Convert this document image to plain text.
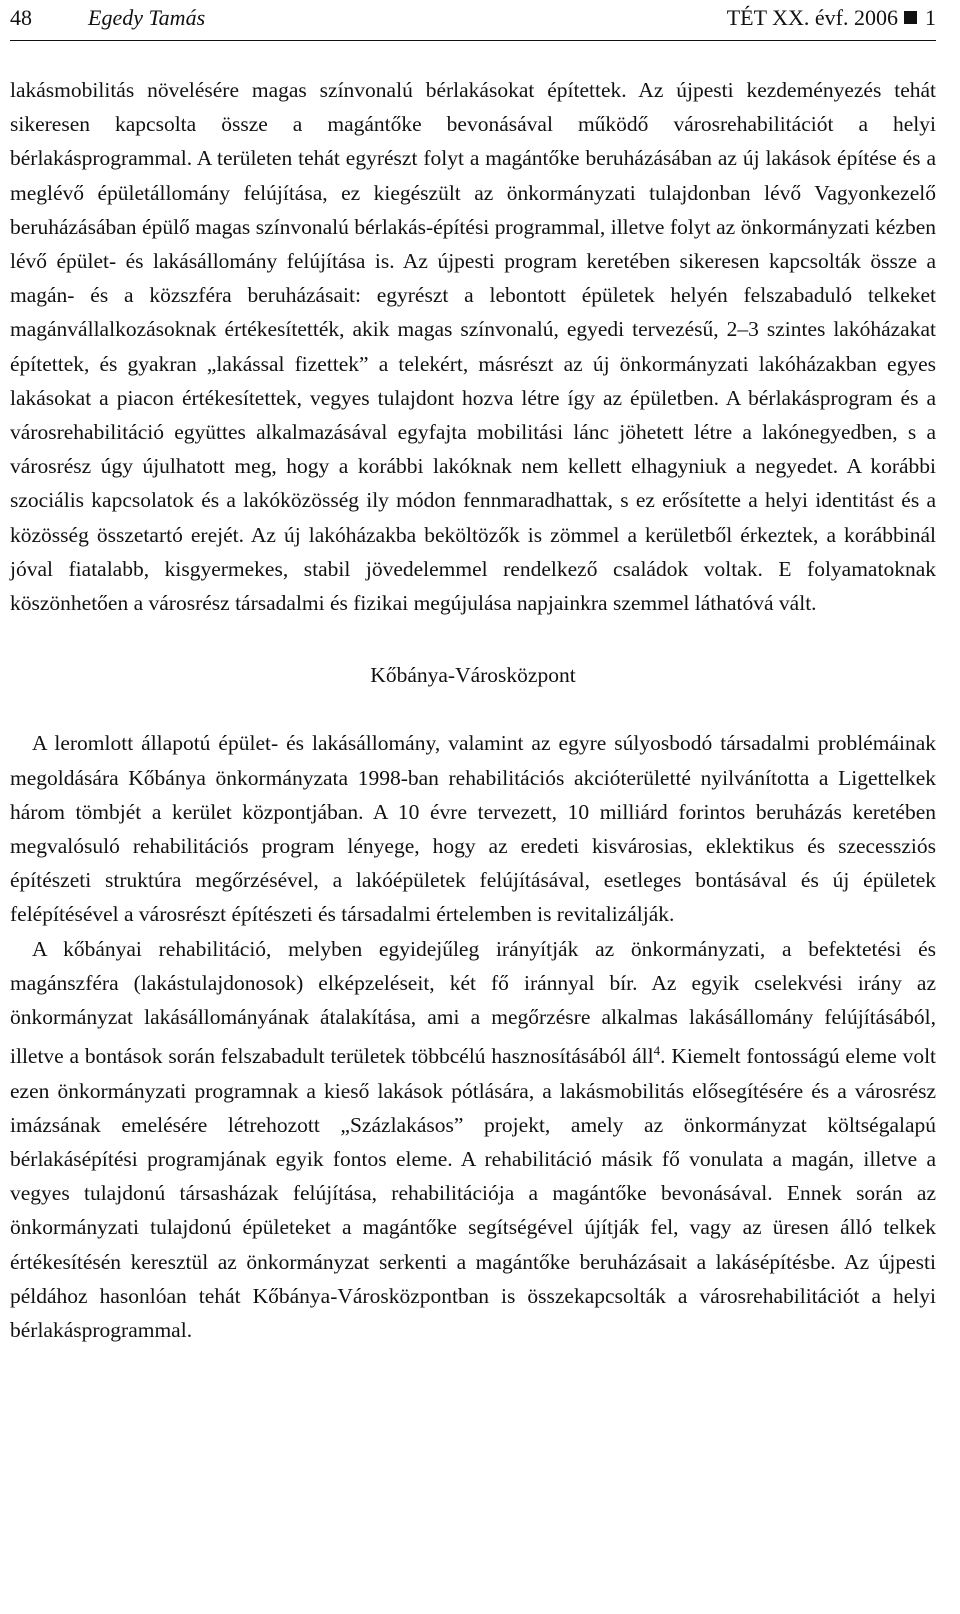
48	Egedy Tamás	TÉT XX. évf. 2006 1

lakásmobilitás növelésére magas színvonalú bérlakásokat építettek. Az újpesti kezdeményezés tehát sikeresen kapcsolta össze a magántőke bevonásával működő városrehabilitációt a helyi bérlakásprogrammal. A területen tehát egyrészt folyt a magántőke beruházásában az új lakások építése és a meglévő épületállomány felújítása, ez kiegészült az önkormányzati tulajdonban lévő Vagyonkezelő beruházásában épülő magas színvonalú bérlakás-építési programmal, illetve folyt az önkormányzati kézben lévő épület- és lakásállomány felújítása is. Az újpesti program keretében sikeresen kapcsolták össze a magán- és a közszféra beruházásait: egyrészt a lebontott épületek helyén felszabaduló telkeket magánvállalkozásoknak értékesítették, akik magas színvonalú, egyedi tervezésű, 2–3 szintes lakóházakat építettek, és gyakran „lakással fizettek” a telekért, másrészt az új önkormányzati lakóházakban egyes lakásokat a piacon értékesítettek, vegyes tulajdont hozva létre így az épületben. A bérlakásprogram és a városrehabilitáció együttes alkalmazásával egyfajta mobilitási lánc jöhetett létre a lakónegyedben, s a városrész úgy újulhatott meg, hogy a korábbi lakóknak nem kellett elhagyniuk a negyedet. A korábbi szociális kapcsolatok és a lakóközösség ily módon fennmaradhattak, s ez erősítette a helyi identitást és a közösség összetartó erejét. Az új lakóházakba beköltözők is zömmel a kerületből érkeztek, a korábbinál jóval fiatalabb, kisgyermekes, stabil jövedelemmel rendelkező családok voltak. E folyamatoknak köszönhetően a városrész társadalmi és fizikai megújulása napjainkra szemmel láthatóvá vált.

Kőbánya-Városközpont

A leromlott állapotú épület- és lakásállomány, valamint az egyre súlyosbodó társadalmi problémáinak megoldására Kőbánya önkormányzata 1998-ban rehabilitációs akcióterületté nyilvánította a Ligettelkek három tömbjét a kerület központjában. A 10 évre tervezett, 10 milliárd forintos beruházás keretében megvalósuló rehabilitációs program lényege, hogy az eredeti kisvárosias, eklektikus és szecessziós építészeti struktúra megőrzésével, a lakóépületek felújításával, esetleges bontásával és új épületek felépítésével a városrészt építészeti és társadalmi értelemben is revitalizálják.

A kőbányai rehabilitáció, melyben egyidejűleg irányítják az önkormányzati, a befektetési és magánszféra (lakástulajdonosok) elképzeléseit, két fő iránnyal bír. Az egyik cselekvési irány az önkormányzat lakásállományának átalakítása, ami a megőrzésre alkalmas lakásállomány felújításából, illetve a bontások során felszabadult területek többcélú hasznosításából áll$^4$. Kiemelt fontosságú eleme volt ezen önkormányzati programnak a kieső lakások pótlására, a lakásmobilitás elősegítésére és a városrész imázsának emelésére létrehozott „Százlakásos” projekt, amely az önkormányzat költségalapú bérlakásépítési programjának egyik fontos eleme. A rehabilitáció másik fő vonulata a magán, illetve a vegyes tulajdonú társasházak felújítása, rehabilitációja a magántőke bevonásával. Ennek során az önkormányzati tulajdonú épületeket a magántőke segítségével újítják fel, vagy az üresen álló telkek értékesítésén keresztül az önkormányzat serkenti a magántőke beruházásait a lakásépítésbe. Az újpesti példához hasonlóan tehát Kőbánya-Városközpontban is összekapcsolták a városrehabilitációt a helyi bérlakásprogrammal.
